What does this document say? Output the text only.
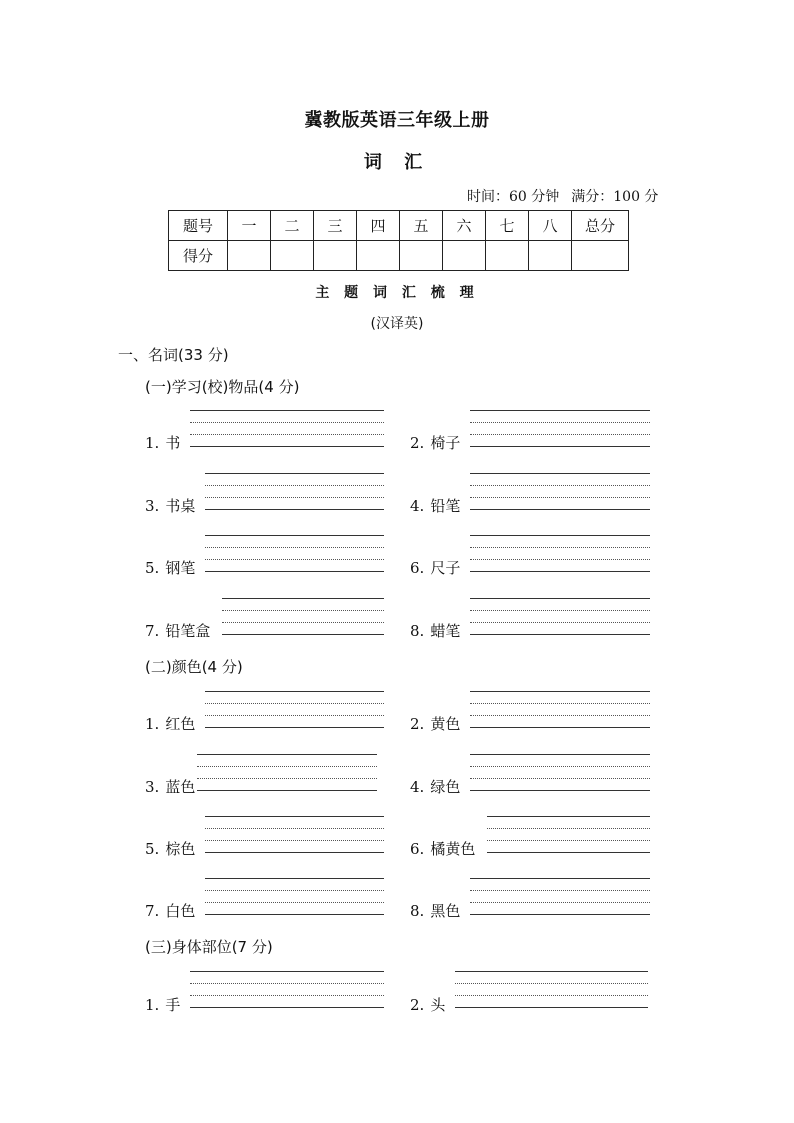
冀教版英语三年级上册
词 汇
时间：60 分钟 满分：100 分
题号	一	二	三	四	五	六	七	八	总分
得分									
主 题 词 汇 梳 理
(汉译英)
一、名词(33 分)
(一)学习(校)物品(4 分)
1. 书	2. 椅子
3. 书桌	4. 铅笔
5. 钢笔	6. 尺子
7. 铅笔盒	8. 蜡笔
(二)颜色(4 分)
1. 红色	2. 黄色
3. 蓝色	4. 绿色
5. 棕色	6. 橘黄色
7. 白色	8. 黑色
(三)身体部位(7 分)
1. 手	2. 头
